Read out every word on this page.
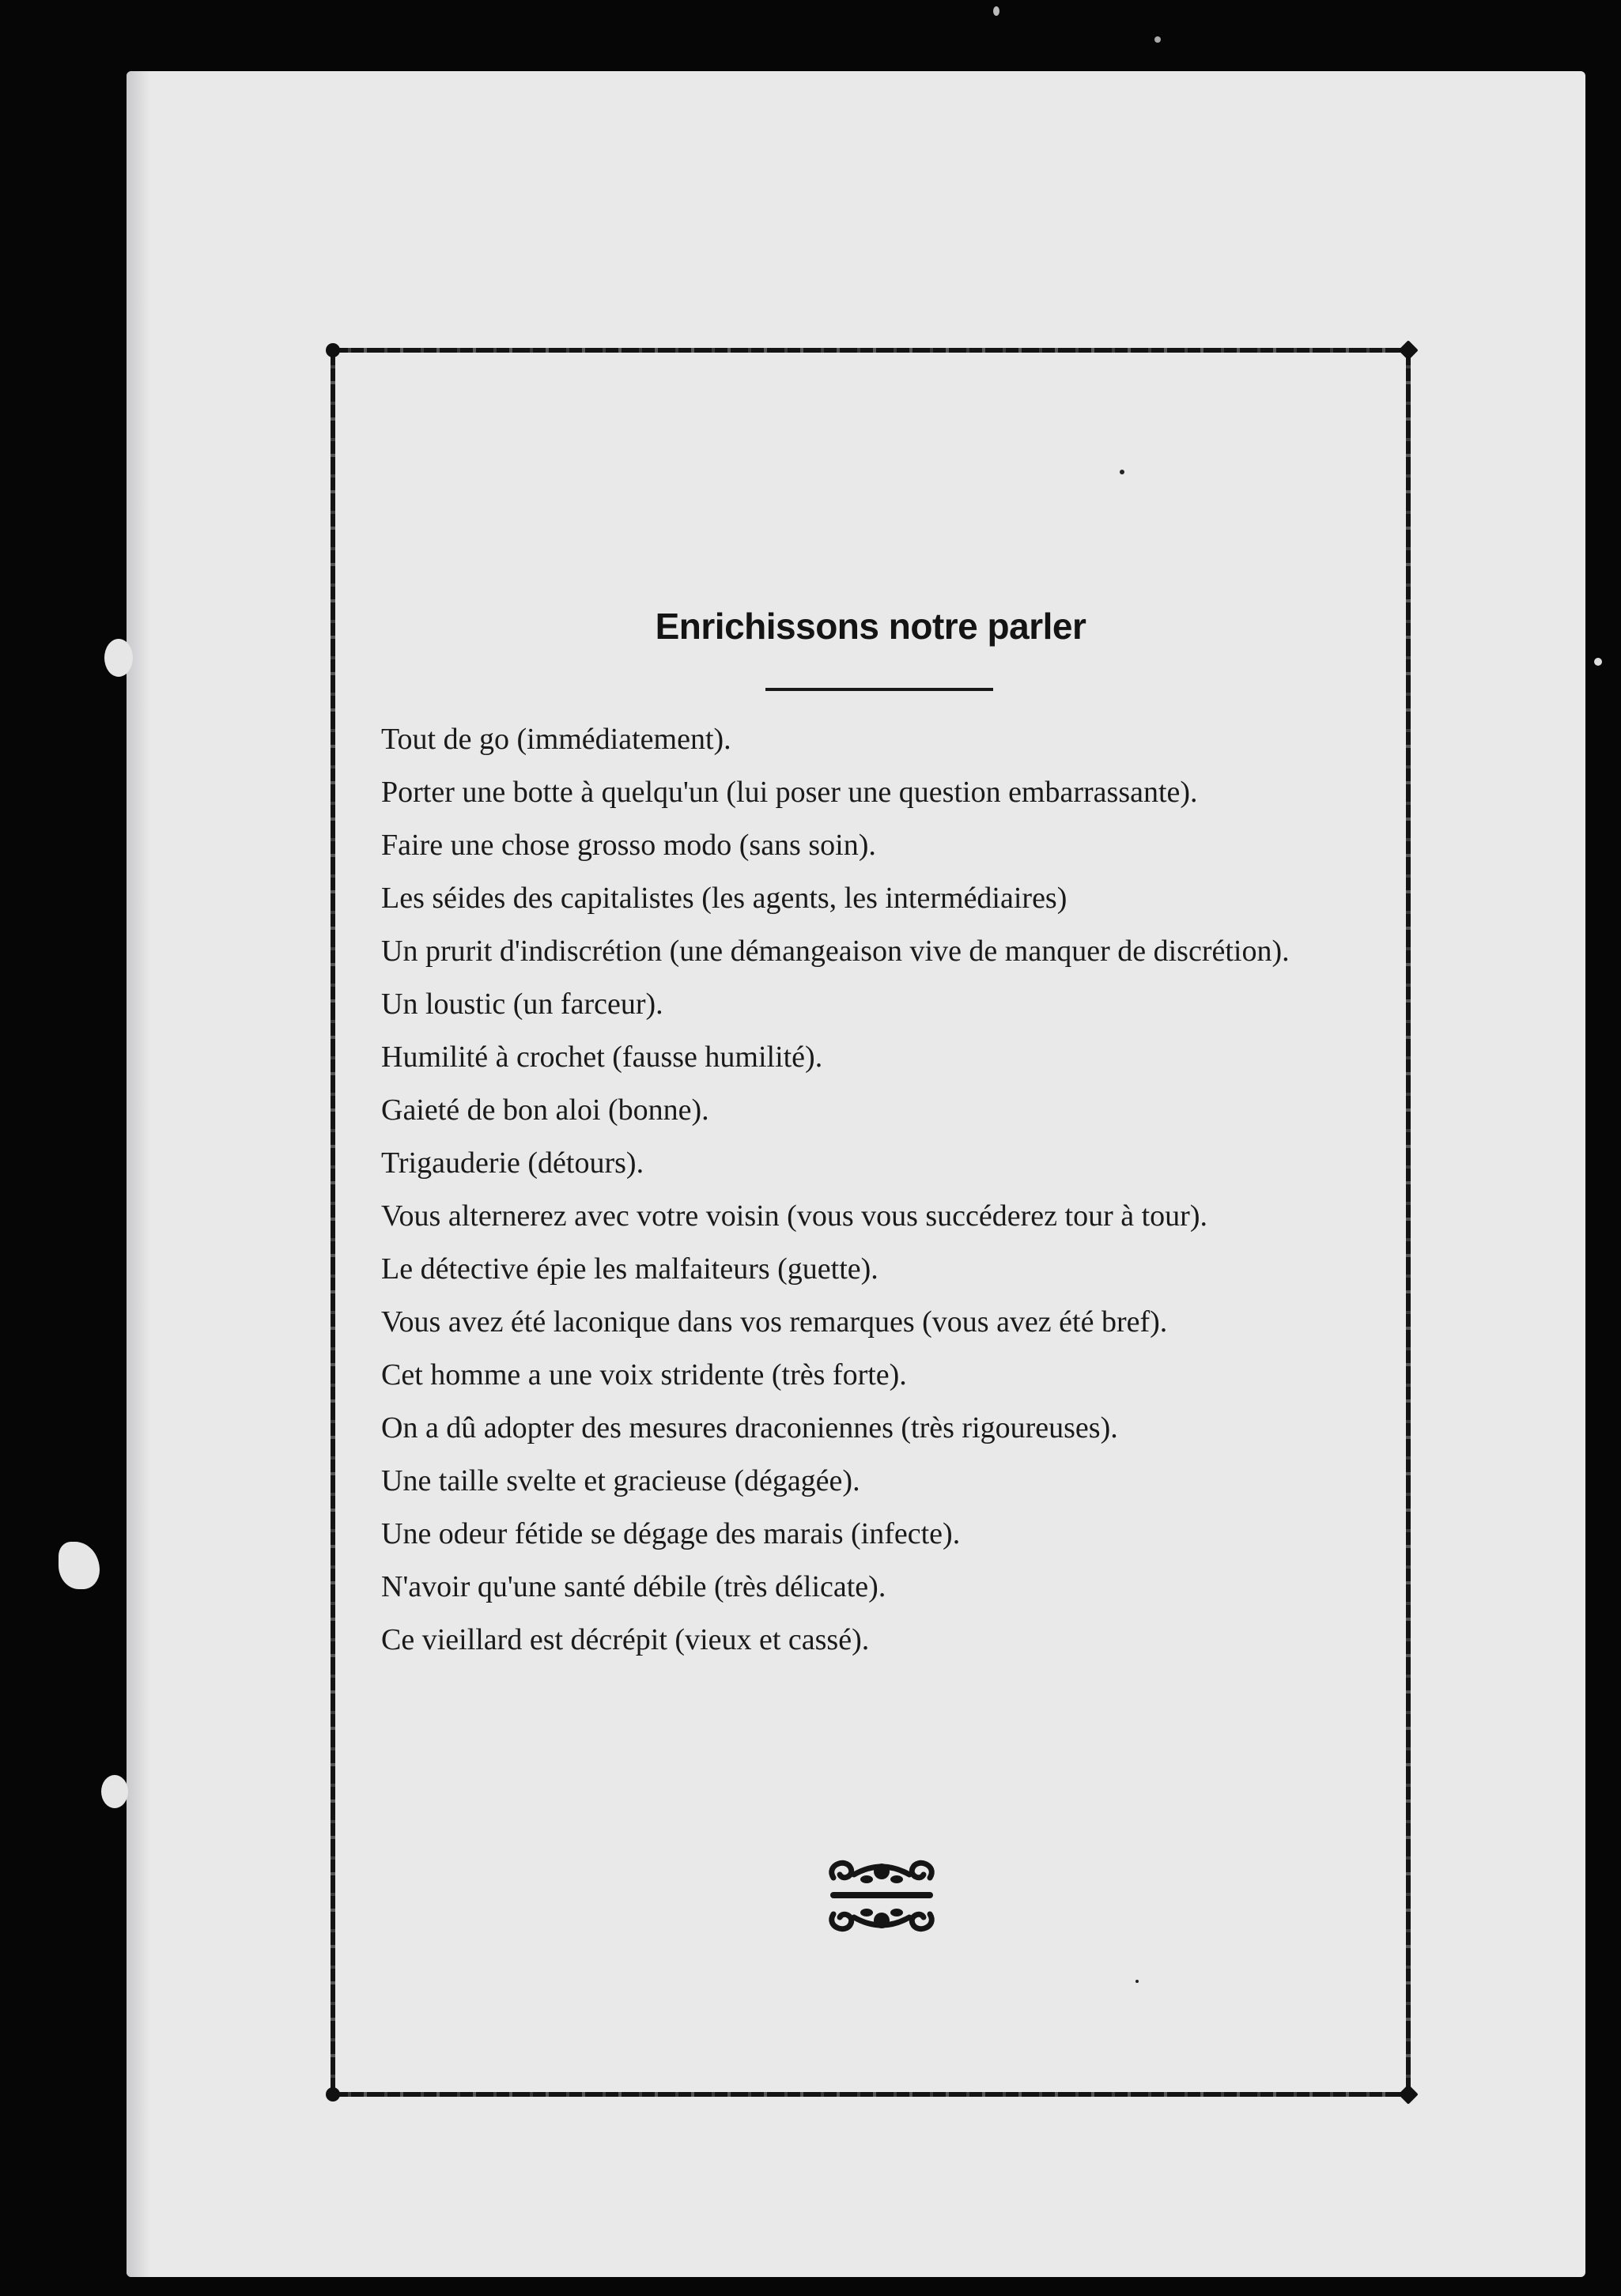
Enrichissons notre parler
Tout de go (immédiatement).
Porter une botte à quelqu'un (lui poser une question embarrassante).
Faire une chose grosso modo (sans soin).
Les séides des capitalistes (les agents, les intermédiaires)
Un prurit d'indiscrétion (une démangeaison vive de manquer de discrétion).
Un loustic (un farceur).
Humilité à crochet (fausse humilité).
Gaieté de bon aloi (bonne).
Trigauderie (détours).
Vous alternerez avec votre voisin (vous vous succéderez tour à tour).
Le détective épie les malfaiteurs (guette).
Vous avez été laconique dans vos remarques (vous avez été bref).
Cet homme a une voix stridente (très forte).
On a dû adopter des mesures draconiennes (très rigoureuses).
Une taille svelte et gracieuse (dégagée).
Une odeur fétide se dégage des marais (infecte).
N'avoir qu'une santé débile (très délicate).
Ce vieillard est décrépit (vieux et cassé).
